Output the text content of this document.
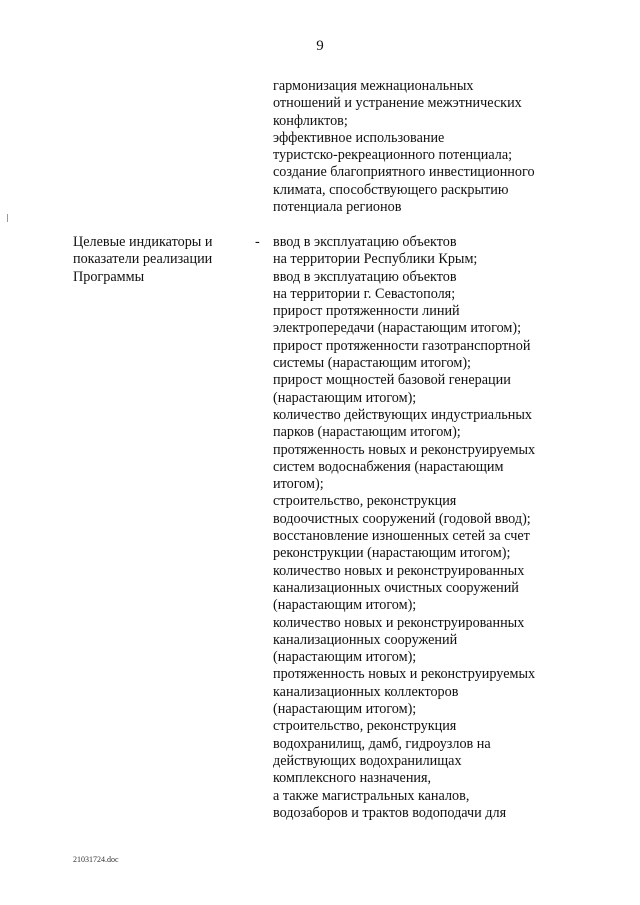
9
гармонизация межнациональных
отношений и устранение межэтнических
конфликтов;
эффективное использование
туристско-рекреационного потенциала;
создание благоприятного инвестиционного
климата, способствующего раскрытию
потенциала регионов
Целевые индикаторы и
показатели реализации
Программы
- ввод в эксплуатацию объектов
на территории Республики Крым;
ввод в эксплуатацию объектов
на территории г. Севастополя;
прирост протяженности линий
электропередачи (нарастающим итогом);
прирост протяженности газотранспортной
системы (нарастающим итогом);
прирост мощностей базовой генерации
(нарастающим итогом);
количество действующих индустриальных
парков (нарастающим итогом);
протяженность новых и реконструируемых
систем водоснабжения (нарастающим
итогом);
строительство, реконструкция
водоочистных сооружений (годовой ввод);
восстановление изношенных сетей за счет
реконструкции (нарастающим итогом);
количество новых и реконструированных
канализационных очистных сооружений
(нарастающим итогом);
количество новых и реконструированных
канализационных сооружений
(нарастающим итогом);
протяженность новых и реконструируемых
канализационных коллекторов
(нарастающим итогом);
строительство, реконструкция
водохранилищ, дамб, гидроузлов на
действующих водохранилищах
комплексного назначения,
а также магистральных каналов,
водозаборов и трактов водоподачи для
21031724.doc
